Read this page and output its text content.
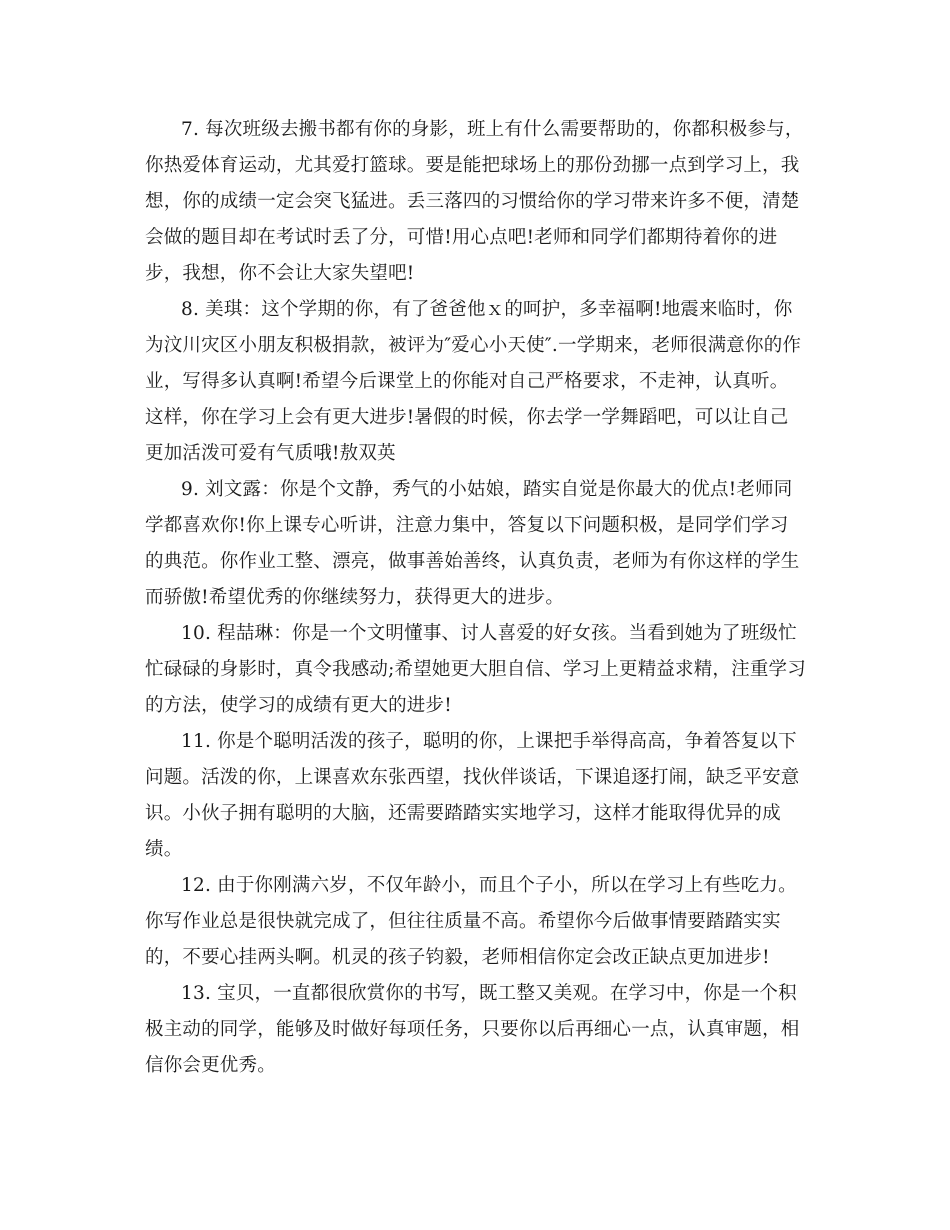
7. 每次班级去搬书都有你的身影，班上有什么需要帮助的，你都积极参与，你热爱体育运动，尤其爱打篮球。要是能把球场上的那份劲挪一点到学习上，我想，你的成绩一定会突飞猛进。丢三落四的习惯给你的学习带来许多不便，清楚会做的题目却在考试时丢了分，可惜!用心点吧!老师和同学们都期待着你的进步，我想，你不会让大家失望吧!

8. 美琪：这个学期的你，有了爸爸他ｘ的呵护，多幸福啊!地震来临时，你为汶川灾区小朋友积极捐款，被评为″爱心小天使″.一学期来，老师很满意你的作业，写得多认真啊!希望今后课堂上的你能对自己严格要求，不走神，认真听。这样，你在学习上会有更大进步!暑假的时候，你去学一学舞蹈吧，可以让自己更加活泼可爱有气质哦!敖双英

9. 刘文露：你是个文静，秀气的小姑娘，踏实自觉是你最大的优点!老师同学都喜欢你!你上课专心听讲，注意力集中，答复以下问题积极，是同学们学习的典范。你作业工整、漂亮，做事善始善终，认真负责，老师为有你这样的学生而骄傲!希望优秀的你继续努力，获得更大的进步。

10. 程喆琳：你是一个文明懂事、讨人喜爱的好女孩。当看到她为了班级忙忙碌碌的身影时，真令我感动;希望她更大胆自信、学习上更精益求精，注重学习的方法，使学习的成绩有更大的进步!

11. 你是个聪明活泼的孩子，聪明的你，上课把手举得高高，争着答复以下问题。活泼的你，上课喜欢东张西望，找伙伴谈话，下课追逐打闹，缺乏平安意识。小伙子拥有聪明的大脑，还需要踏踏实实地学习，这样才能取得优异的成绩。

12. 由于你刚满六岁，不仅年龄小，而且个子小，所以在学习上有些吃力。你写作业总是很快就完成了，但往往质量不高。希望你今后做事情要踏踏实实的，不要心挂两头啊。机灵的孩子钧毅，老师相信你定会改正缺点更加进步!

13. 宝贝，一直都很欣赏你的书写，既工整又美观。在学习中，你是一个积极主动的同学，能够及时做好每项任务，只要你以后再细心一点，认真审题，相信你会更优秀。
